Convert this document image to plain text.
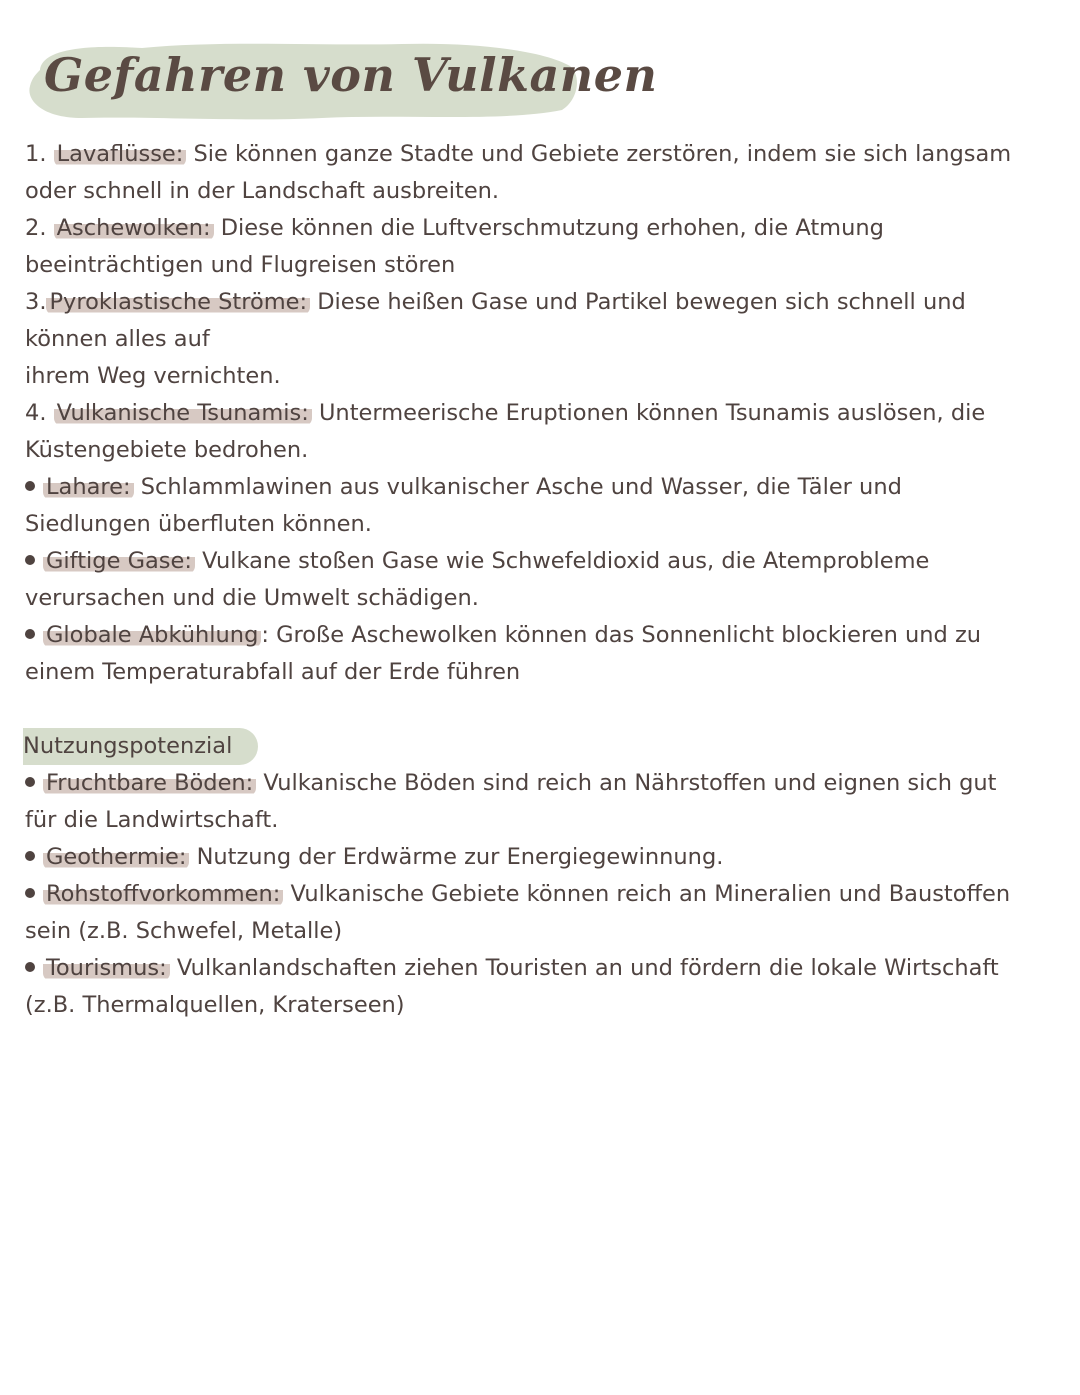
Gefahren von Vulkanen
1. Lavaflüsse: Sie können ganze Stadte und Gebiete zerstören, indem sie sich langsam
oder schnell in der Landschaft ausbreiten.
2. Aschewolken: Diese können die Luftverschmutzung erhohen, die Atmung
beeinträchtigen und Flugreisen stören
3. Pyroklastische Ströme: Diese heißen Gase und Partikel bewegen sich schnell und
können alles auf
ihrem Weg vernichten.
4. Vulkanische Tsunamis: Untermeerische Eruptionen können Tsunamis auslösen, die
Küstengebiete bedrohen.
Lahare: Schlammlawinen aus vulkanischer Asche und Wasser, die Täler und
Siedlungen überfluten können.
Giftige Gase: Vulkane stoßen Gase wie Schwefeldioxid aus, die Atemprobleme
verursachen und die Umwelt schädigen.
Globale Abkühlung : Große Aschewolken können das Sonnenlicht blockieren und zu
einem Temperaturabfall auf der Erde führen
Nutzungspotenzial
Fruchtbare Böden: Vulkanische Böden sind reich an Nährstoffen und eignen sich gut
für die Landwirtschaft.
Geothermie: Nutzung der Erdwärme zur Energiegewinnung.
Rohstoffvorkommen: Vulkanische Gebiete können reich an Mineralien und Baustoffen
sein (z.B. Schwefel, Metalle)
Tourismus: Vulkanlandschaften ziehen Touristen an und fördern die lokale Wirtschaft
(z.B. Thermalquellen, Kraterseen)
